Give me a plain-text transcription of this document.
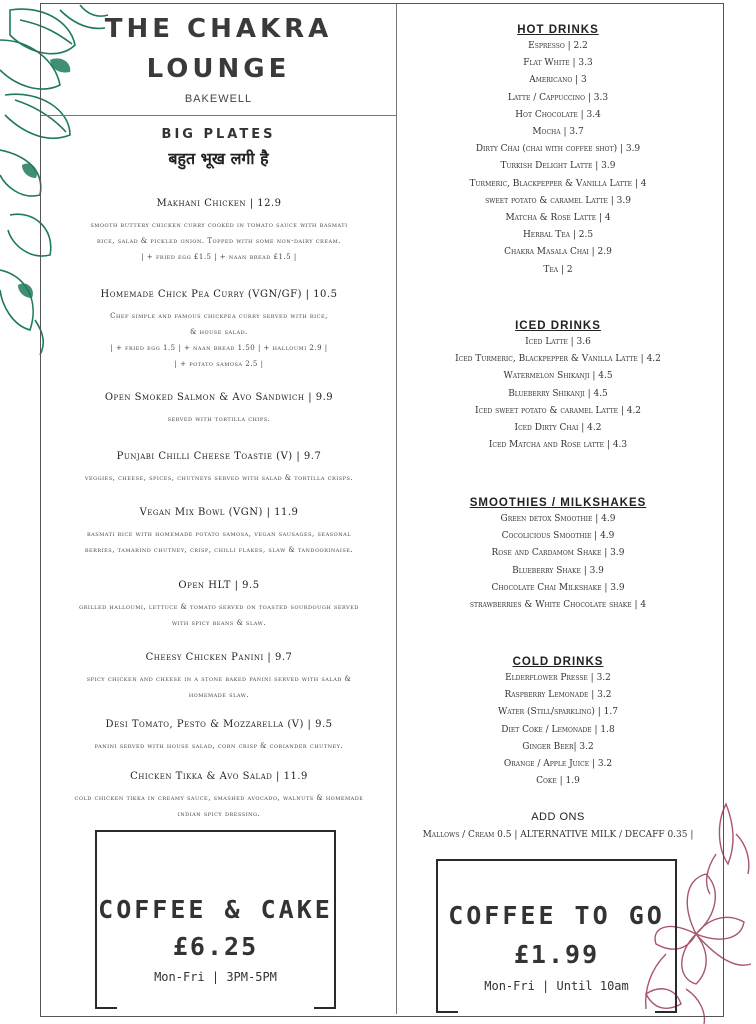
THE CHAKRA
LOUNGE
BAKEWELL
BIG PLATES
बहुत भूख लगी है
Makhani Chicken | 12.9
smooth buttery chicken curry cooked in tomato sauce with basmati
rice, salad & pickled onion. Topped with some non-dairy cream.
| + fried egg £1.5 | + naan bread £1.5 |
Homemade Chick Pea Curry (VGN/GF) | 10.5
Chef simple and famous chickpea curry served with rice,
& house salad.
| + fried egg 1.5 | + naan bread 1.50 | + halloumi 2.9 |
| + potato samosa 2.5 |
Open Smoked Salmon & Avo Sandwich | 9.9
served with tortilla chips.
Punjabi Chilli Cheese Toastie (V) | 9.7
veggies, cheese, spices, chutneys served with salad & tortilla crisps.
Vegan Mix Bowl (VGN) | 11.9
basmati rice with homemade potato samosa, vegan sausages, seasonal
berries, tamarind chutney, crisp, chilli flakes, slaw & tandoorinaise.
Open HLT | 9.5
grilled halloumi, lettuce & tomato served on toasted sourdough served
with spicy beans & slaw.
Cheesy Chicken Panini | 9.7
spicy chicken and cheese in a stone baked panini served with salad &
homemade slaw.
Desi Tomato, Pesto & Mozzarella (V) | 9.5
panini served with house salad, corn crisp & coriander chutney.
Chicken Tikka & Avo Salad | 11.9
cold chicken tikka in creamy sauce, smashed avocado, walnuts & homemade
indian spicy dressing.
COFFEE & CAKE
£6.25
Mon-Fri | 3PM-5PM
HOT DRINKS
Espresso | 2.2
Flat White | 3.3
Americano | 3
Latte / Cappuccino | 3.3
Hot Chocolate | 3.4
Mocha | 3.7
Dirty Chai (chai with coffee shot) | 3.9
Turkish Delight Latte | 3.9
Turmeric, Blackpepper & Vanilla Latte | 4
sweet potato & caramel Latte | 3.9
Matcha & Rose Latte | 4
Herbal Tea | 2.5
Chakra Masala Chai | 2.9
Tea | 2
ICED DRINKS
Iced Latte | 3.6
Iced Turmeric, Blackpepper & Vanilla Latte | 4.2
Watermelon Shikanji | 4.5
Blueberry Shikanji | 4.5
Iced sweet potato & caramel Latte | 4.2
Iced Dirty Chai | 4.2
Iced Matcha and Rose latte | 4.3
SMOOTHIES / MILKSHAKES
Green detox Smoothie | 4.9
Cocolicious Smoothie | 4.9
Rose and Cardamom Shake | 3.9
Blueberry Shake | 3.9
Chocolate Chai Milkshake | 3.9
strawberries & White Chocolate shake | 4
COLD DRINKS
Elderflower Presse | 3.2
Raspberry Lemonade | 3.2
Water (Still/sparkling) | 1.7
Diet Coke / Lemonade | 1.8
Ginger Beer| 3.2
Orange / Apple Juice | 3.2
Coke | 1.9
ADD ONS
Mallows / Cream 0.5 | ALTERNATIVE MILK / DECAFF 0.35 |
COFFEE TO GO
£1.99
Mon-Fri | Until 10am
